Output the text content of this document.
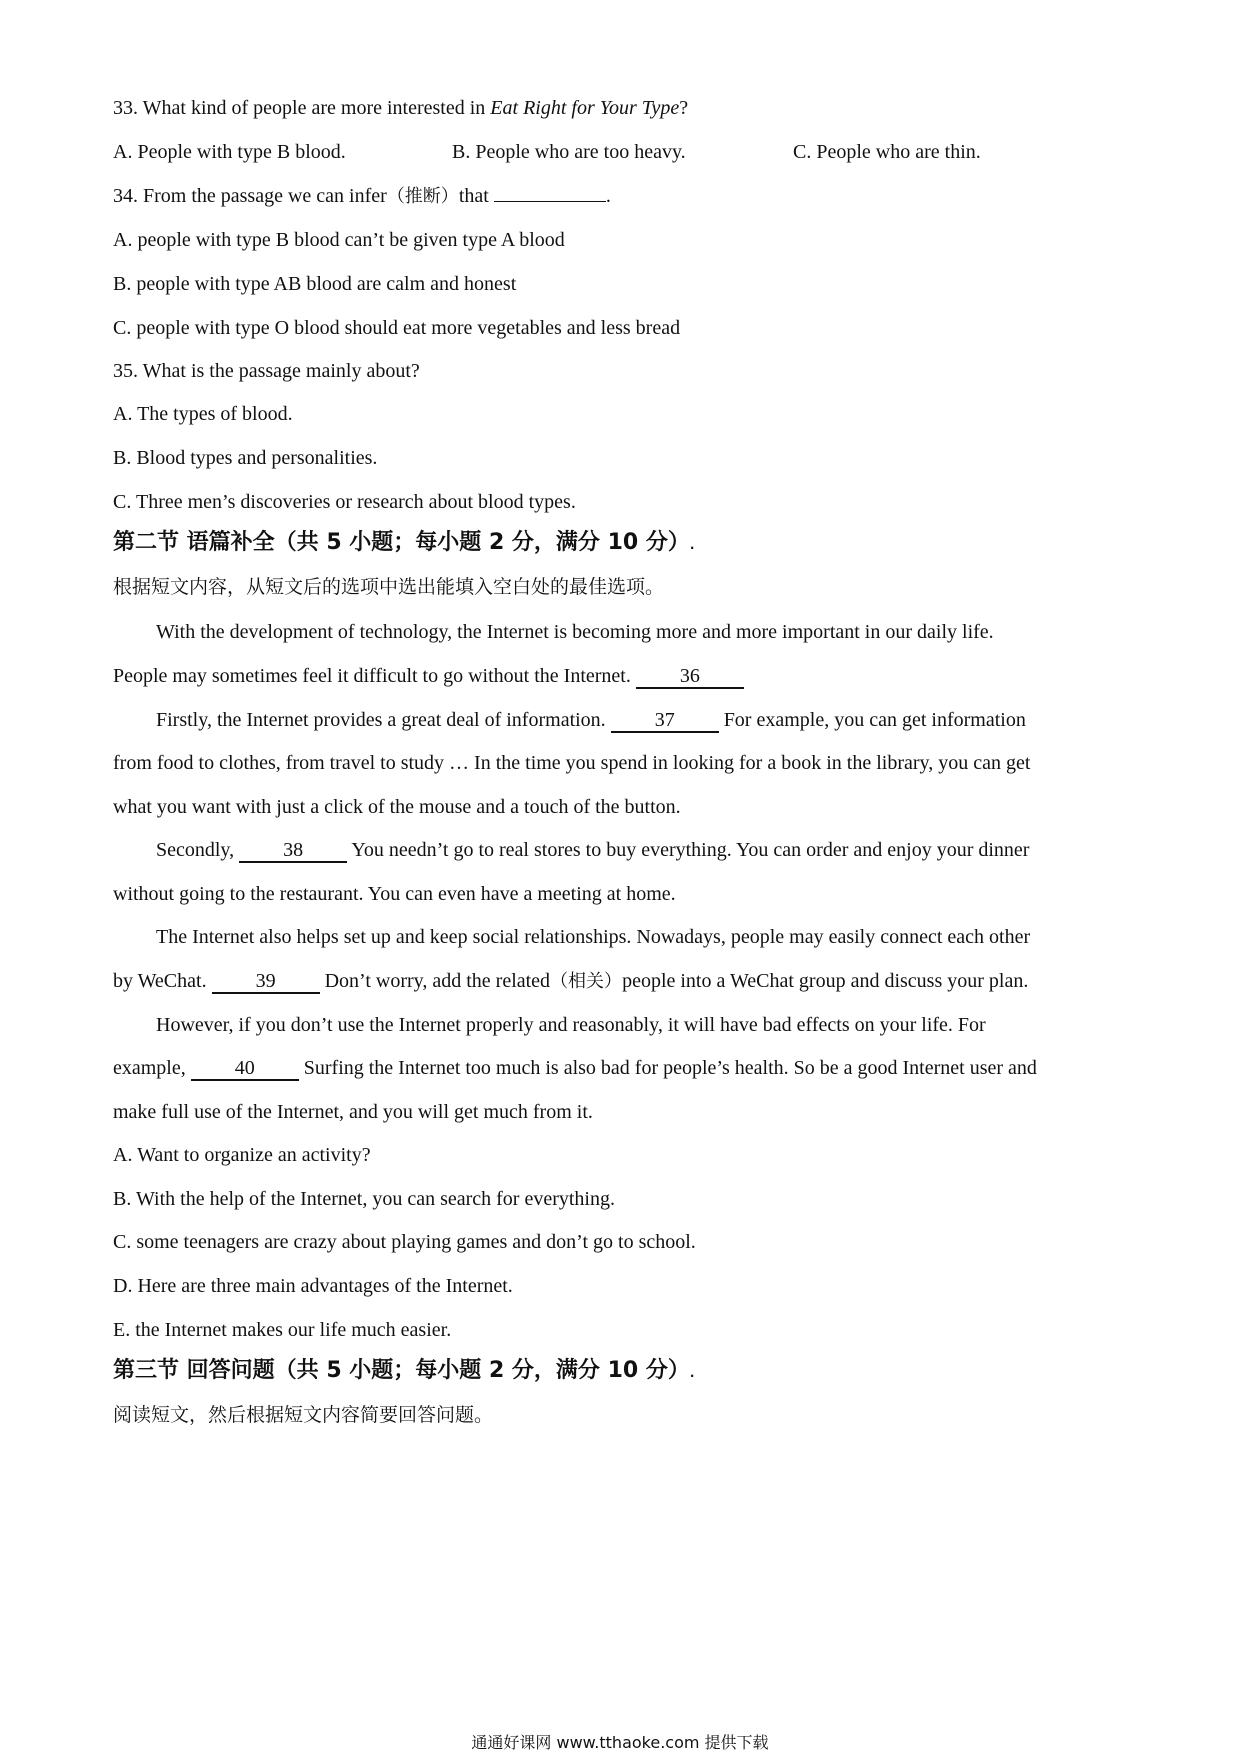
33. What kind of people are more interested in Eat Right for Your Type?
A. People with type B blood.	B. People who are too heavy.	C. People who are thin.
34. From the passage we can infer（推断）that	.
A. people with type B blood can’t be given type A blood
B. people with type AB blood are calm and honest
C. people with type O blood should eat more vegetables and less bread
35. What is the passage mainly about?
A. The types of blood.
B. Blood types and personalities.
C. Three men’s discoveries or research about blood types.
第二节 语篇补全（共 5 小题；每小题 2 分，满分 10 分）.
根据短文内容，从短文后的选项中选出能填入空白处的最佳选项。
With the development of technology, the Internet is becoming more and more important in our daily life.
People may sometimes feel it difficult to go without the Internet. 36
Firstly, the Internet provides a great deal of information. 37 For example, you can get information
from food to clothes, from travel to study … In the time you spend in looking for a book in the library, you can get
what you want with just a click of the mouse and a touch of the button.
Secondly, 38 You needn’t go to real stores to buy everything. You can order and enjoy your dinner
without going to the restaurant. You can even have a meeting at home.
The Internet also helps set up and keep social relationships. Nowadays, people may easily connect each other
by WeChat. 39 Don’t worry, add the related（相关）people into a WeChat group and discuss your plan.
However, if you don’t use the Internet properly and reasonably, it will have bad effects on your life. For
example, 40 Surfing the Internet too much is also bad for people’s health. So be a good Internet user and
make full use of the Internet, and you will get much from it.
A. Want to organize an activity?
B. With the help of the Internet, you can search for everything.
C. some teenagers are crazy about playing games and don’t go to school.
D. Here are three main advantages of the Internet.
E. the Internet makes our life much easier.
第三节 回答问题（共 5 小题；每小题 2 分，满分 10 分）.
阅读短文，然后根据短文内容简要回答问题。
通通好课网 www.tthaoke.com 提供下载
